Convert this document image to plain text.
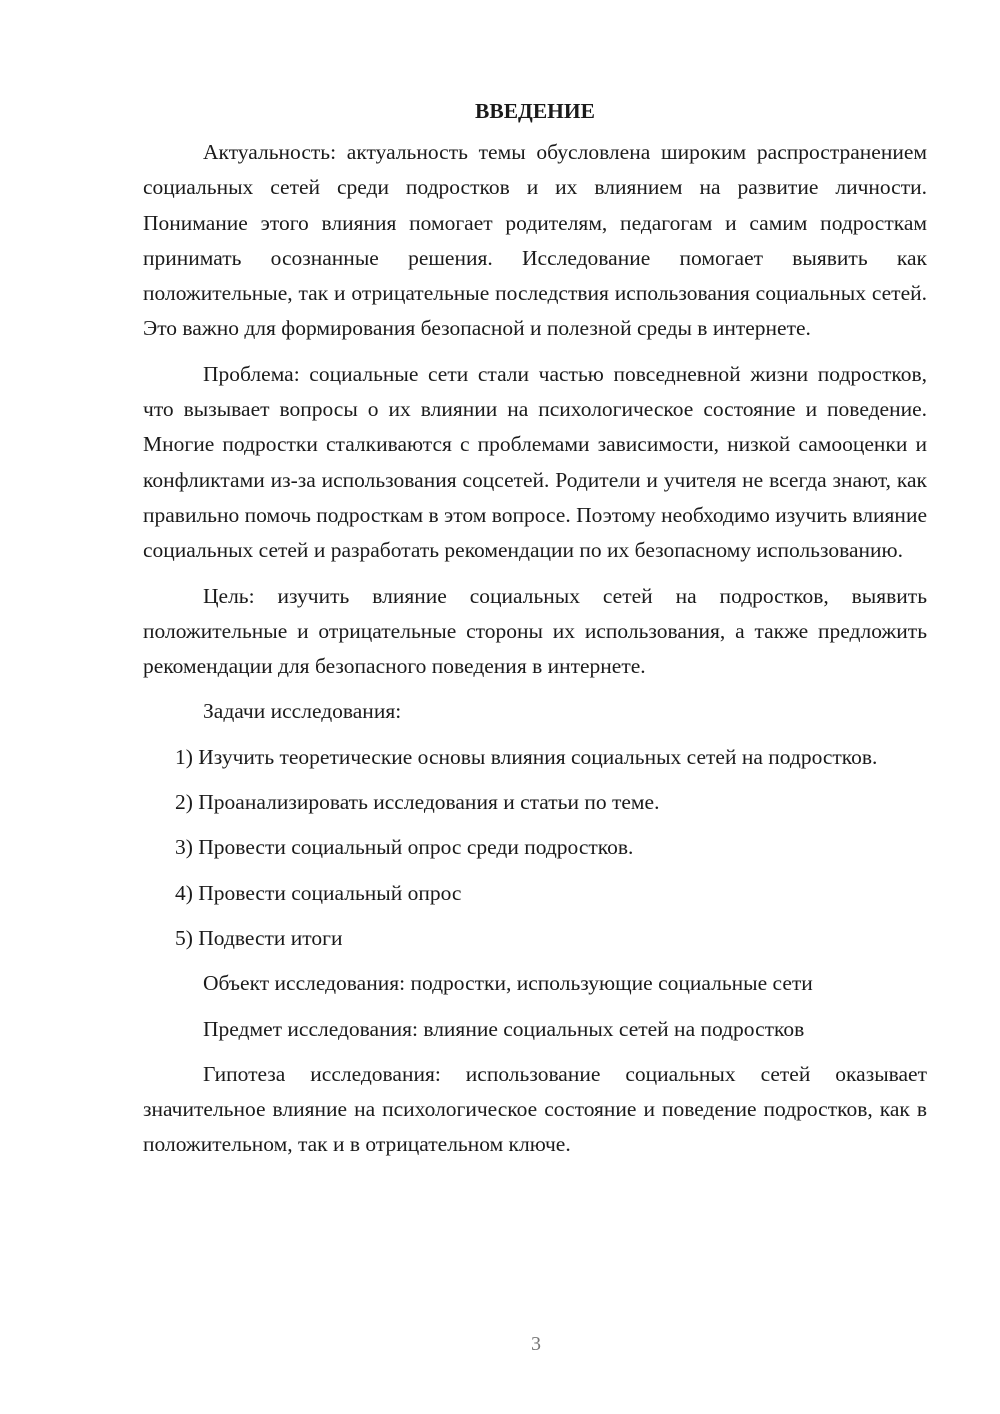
ВВЕДЕНИЕ

Актуальность: актуальность темы обусловлена широким распространением социальных сетей среди подростков и их влиянием на развитие личности. Понимание этого влияния помогает родителям, педагогам и самим подросткам принимать осознанные решения. Исследование помогает выявить как положительные, так и отрицательные последствия использования социальных сетей. Это важно для формирования безопасной и полезной среды в интернете.

Проблема: социальные сети стали частью повседневной жизни подростков, что вызывает вопросы о их влиянии на психологическое состояние и поведение. Многие подростки сталкиваются с проблемами зависимости, низкой самооценки и конфликтами из-за использования соцсетей. Родители и учителя не всегда знают, как правильно помочь подросткам в этом вопросе. Поэтому необходимо изучить влияние социальных сетей и разработать рекомендации по их безопасному использованию.

Цель: изучить влияние социальных сетей на подростков, выявить положительные и отрицательные стороны их использования, а также предложить рекомендации для безопасного поведения в интернете.

Задачи исследования:

1) Изучить теоретические основы влияния социальных сетей на подростков.

2) Проанализировать исследования и статьи по теме.

3) Провести социальный опрос среди подростков.

4) Провести социальный опрос

5) Подвести итоги

Объект исследования: подростки, использующие социальные сети

Предмет исследования: влияние социальных сетей на подростков

Гипотеза исследования: использование социальных сетей оказывает значительное влияние на психологическое состояние и поведение подростков, как в положительном, так и в отрицательном ключе.

3
